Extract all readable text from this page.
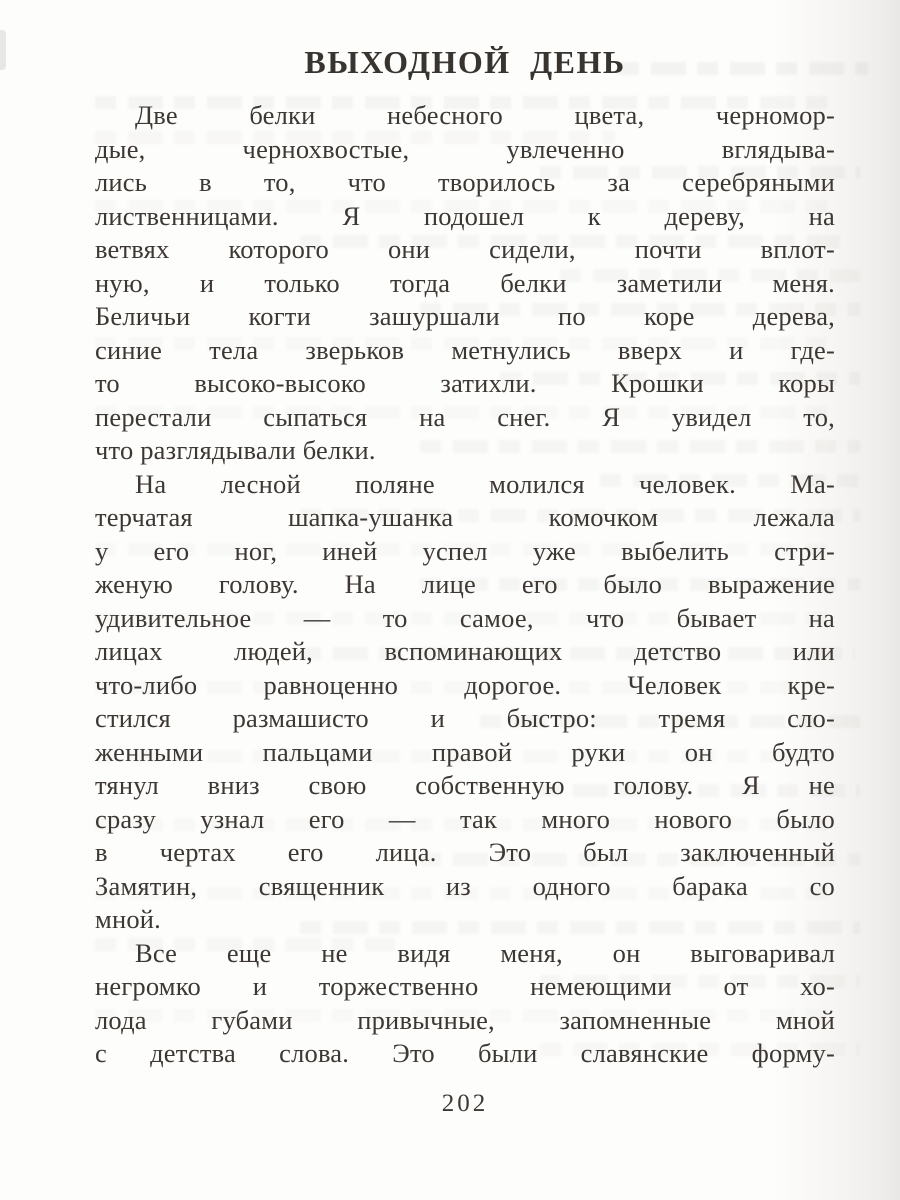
ВЫХОДНОЙ ДЕНЬ
Две белки небесного цвета, черномор-
дые, чернохвостые, увлеченно вглядыва-
лись в то, что творилось за серебряными
лиственницами. Я подошел к дереву, на
ветвях которого они сидели, почти вплот-
ную, и только тогда белки заметили меня.
Беличьи когти зашуршали по коре дерева,
синие тела зверьков метнулись вверх и где-
то высоко-высоко затихли. Крошки коры
перестали сыпаться на снег. Я увидел то,
что разглядывали белки.
На лесной поляне молился человек. Ма-
терчатая шапка-ушанка комочком лежала
у его ног, иней успел уже выбелить стри-
женую голову. На лице его было выражение
удивительное — то самое, что бывает на
лицах людей, вспоминающих детство или
что-либо равноценно дорогое. Человек кре-
стился размашисто и быстро: тремя сло-
женными пальцами правой руки он будто
тянул вниз свою собственную голову. Я не
сразу узнал его — так много нового было
в чертах его лица. Это был заключенный
Замятин, священник из одного барака со
мной.
Все еще не видя меня, он выговаривал
негромко и торжественно немеющими от хо-
лода губами привычные, запомненные мной
с детства слова. Это были славянские форму-
202
